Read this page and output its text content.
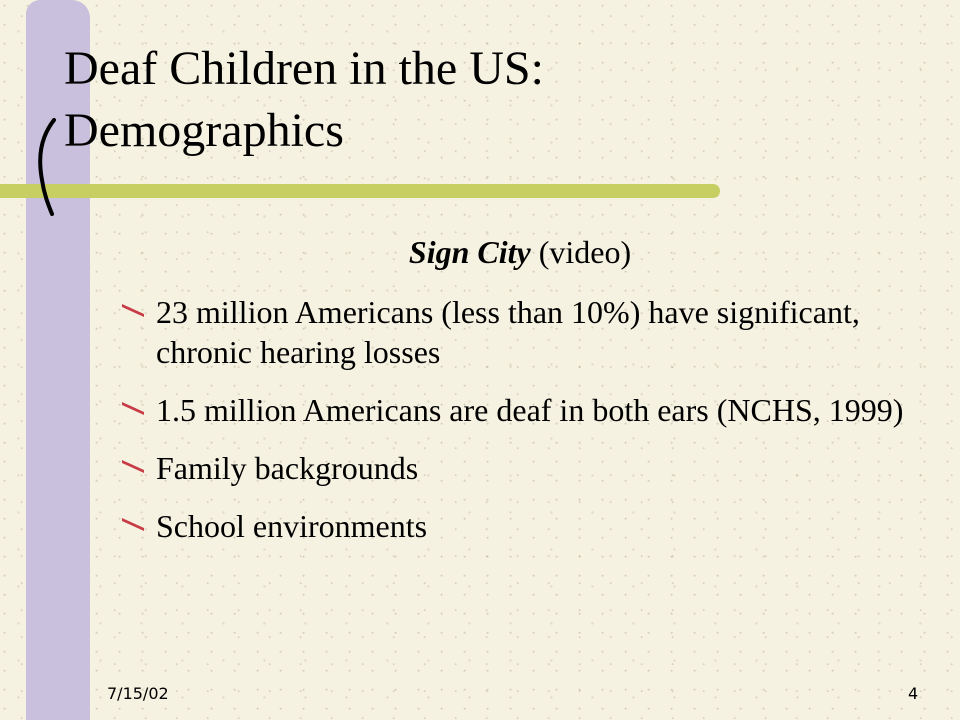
Deaf Children in the US:
Demographics
Sign City (video)
23 million Americans (less than 10%) have significant, chronic hearing losses
1.5 million Americans are deaf in both ears (NCHS, 1999)
Family backgrounds
School environments
7/15/02	4
